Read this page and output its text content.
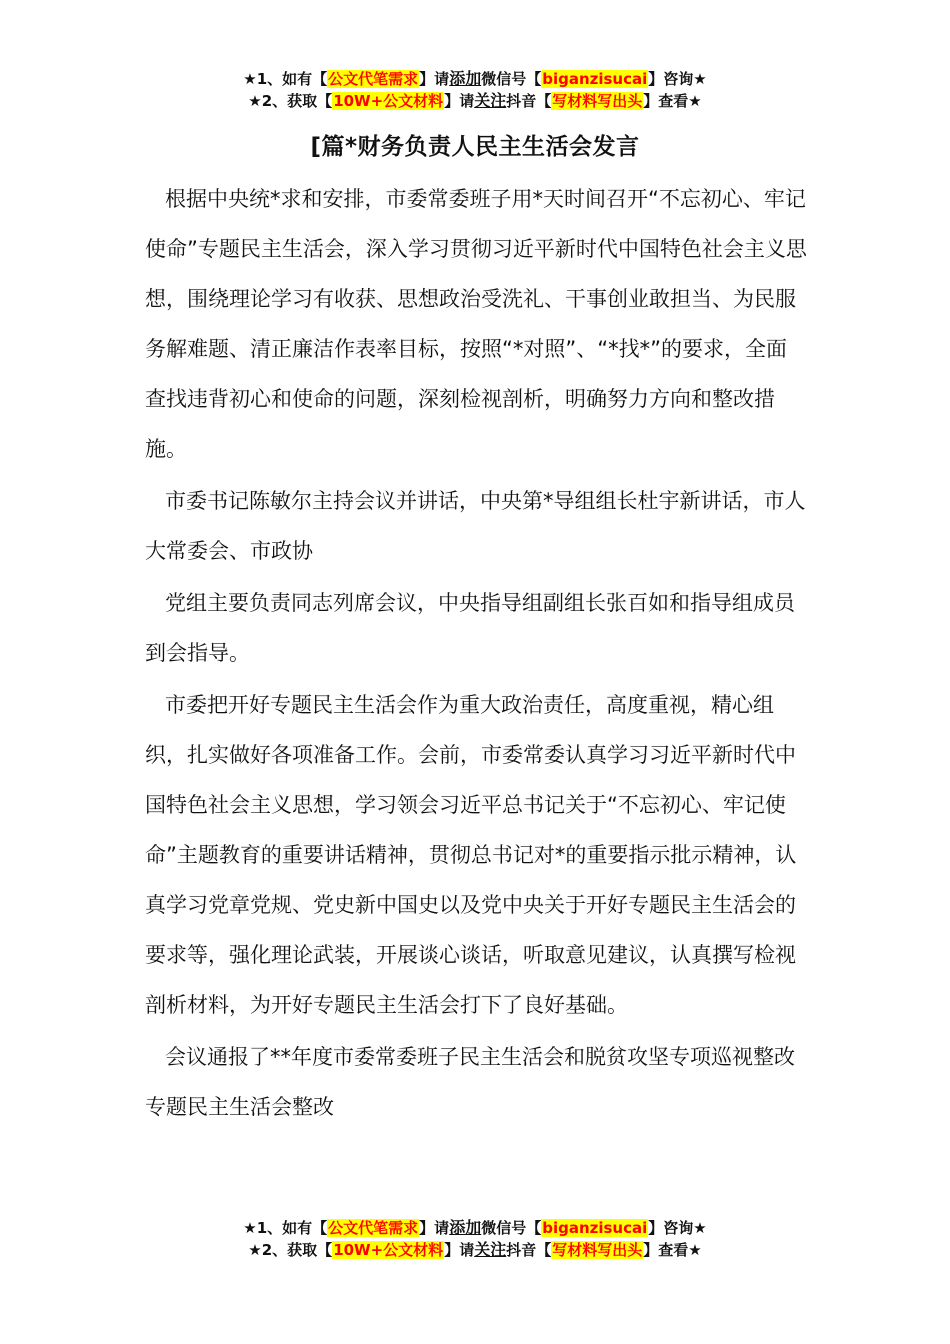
★1、如有【公文代笔需求】请添加微信号【biganzisucai】咨询★
★2、获取【10W+公文材料】请关注抖音【写材料写出头】查看★
[篇*财务负责人民主生活会发言

根据中央统*求和安排，市委常委班子用*天时间召开“不忘初心、牢记使命”专题民主生活会，深入学习贯彻习近平新时代中国特色社会主义思想，围绕理论学习有收获、思想政治受洗礼、干事创业敢担当、为民服务解难题、清正廉洁作表率目标，按照“*对照”、“*找*”的要求，全面查找违背初心和使命的问题，深刻检视剖析，明确努力方向和整改措施。

市委书记陈敏尔主持会议并讲话，中央第*导组组长杜宇新讲话，市人大常委会、市政协

党组主要负责同志列席会议，中央指导组副组长张百如和指导组成员到会指导。

市委把开好专题民主生活会作为重大政治责任，高度重视，精心组织，扎实做好各项准备工作。会前，市委常委认真学习习近平新时代中国特色社会主义思想，学习领会习近平总书记关于“不忘初心、牢记使命”主题教育的重要讲话精神，贯彻总书记对*的重要指示批示精神，认真学习党章党规、党史新中国史以及党中央关于开好专题民主生活会的要求等，强化理论武装，开展谈心谈话，听取意见建议，认真撰写检视剖析材料，为开好专题民主生活会打下了良好基础。

会议通报了**年度市委常委班子民主生活会和脱贫攻坚专项巡视整改专题民主生活会整改

★1、如有【公文代笔需求】请添加微信号【biganzisucai】咨询★
★2、获取【10W+公文材料】请关注抖音【写材料写出头】查看★
